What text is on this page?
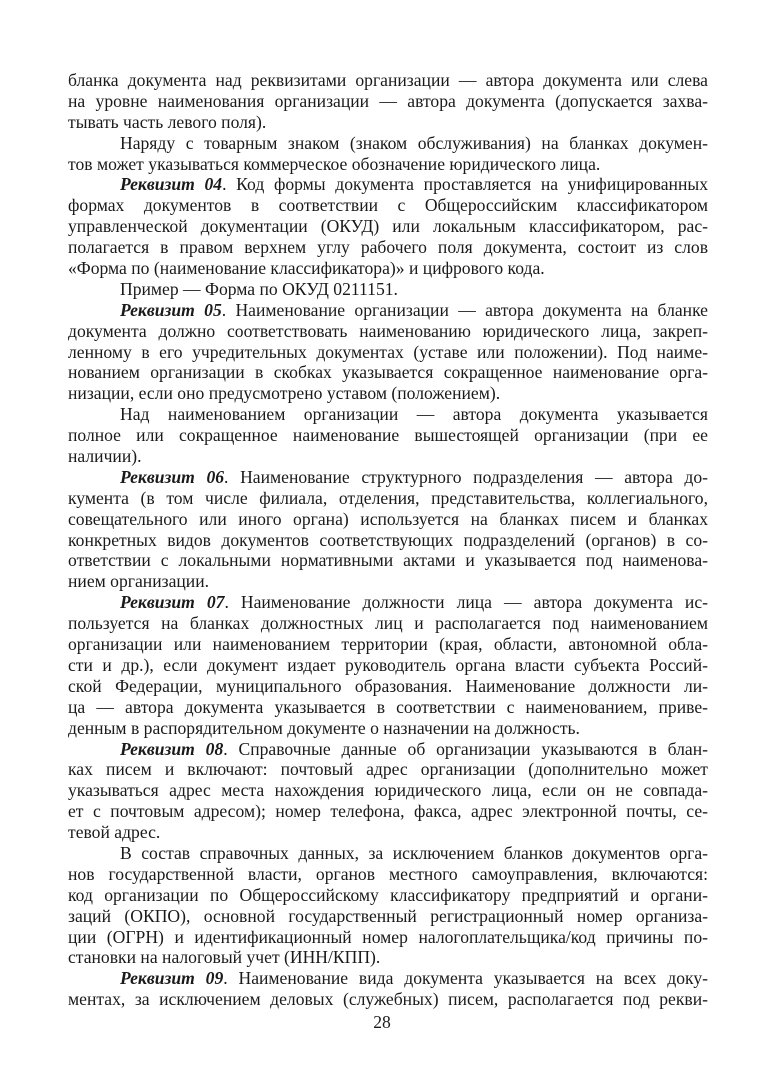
бланка документа над реквизитами организации — автора документа или слева
на уровне наименования организации — автора документа (допускается захва-
тывать часть левого поля).
Наряду с товарным знаком (знаком обслуживания) на бланках докумен-
тов может указываться коммерческое обозначение юридического лица.
Реквизит 04. Код формы документа проставляется на унифицированных
формах документов в соответствии с Общероссийским классификатором
управленческой документации (ОКУД) или локальным классификатором, рас-
полагается в правом верхнем углу рабочего поля документа, состоит из слов
«Форма по (наименование классификатора)» и цифрового кода.
Пример — Форма по ОКУД 0211151.
Реквизит 05. Наименование организации — автора документа на бланке
документа должно соответствовать наименованию юридического лица, закреп-
ленному в его учредительных документах (уставе или положении). Под наиме-
нованием организации в скобках указывается сокращенное наименование орга-
низации, если оно предусмотрено уставом (положением).
Над наименованием организации — автора документа указывается
полное или сокращенное наименование вышестоящей организации (при ее
наличии).
Реквизит 06. Наименование структурного подразделения — автора до-
кумента (в том числе филиала, отделения, представительства, коллегиального,
совещательного или иного органа) используется на бланках писем и бланках
конкретных видов документов соответствующих подразделений (органов) в со-
ответствии с локальными нормативными актами и указывается под наименова-
нием организации.
Реквизит 07. Наименование должности лица — автора документа ис-
пользуется на бланках должностных лиц и располагается под наименованием
организации или наименованием территории (края, области, автономной обла-
сти и др.), если документ издает руководитель органа власти субъекта Россий-
ской Федерации, муниципального образования. Наименование должности ли-
ца — автора документа указывается в соответствии с наименованием, приве-
денным в распорядительном документе о назначении на должность.
Реквизит 08. Справочные данные об организации указываются в блан-
ках писем и включают: почтовый адрес организации (дополнительно может
указываться адрес места нахождения юридического лица, если он не совпада-
ет с почтовым адресом); номер телефона, факса, адрес электронной почты, се-
тевой адрес.
В состав справочных данных, за исключением бланков документов орга-
нов государственной власти, органов местного самоуправления, включаются:
код организации по Общероссийскому классификатору предприятий и органи-
заций (ОКПО), основной государственный регистрационный номер организа-
ции (ОГРН) и идентификационный номер налогоплательщика/код причины по-
становки на налоговый учет (ИНН/КПП).
Реквизит 09. Наименование вида документа указывается на всех доку-
ментах, за исключением деловых (служебных) писем, располагается под рекви-
28
